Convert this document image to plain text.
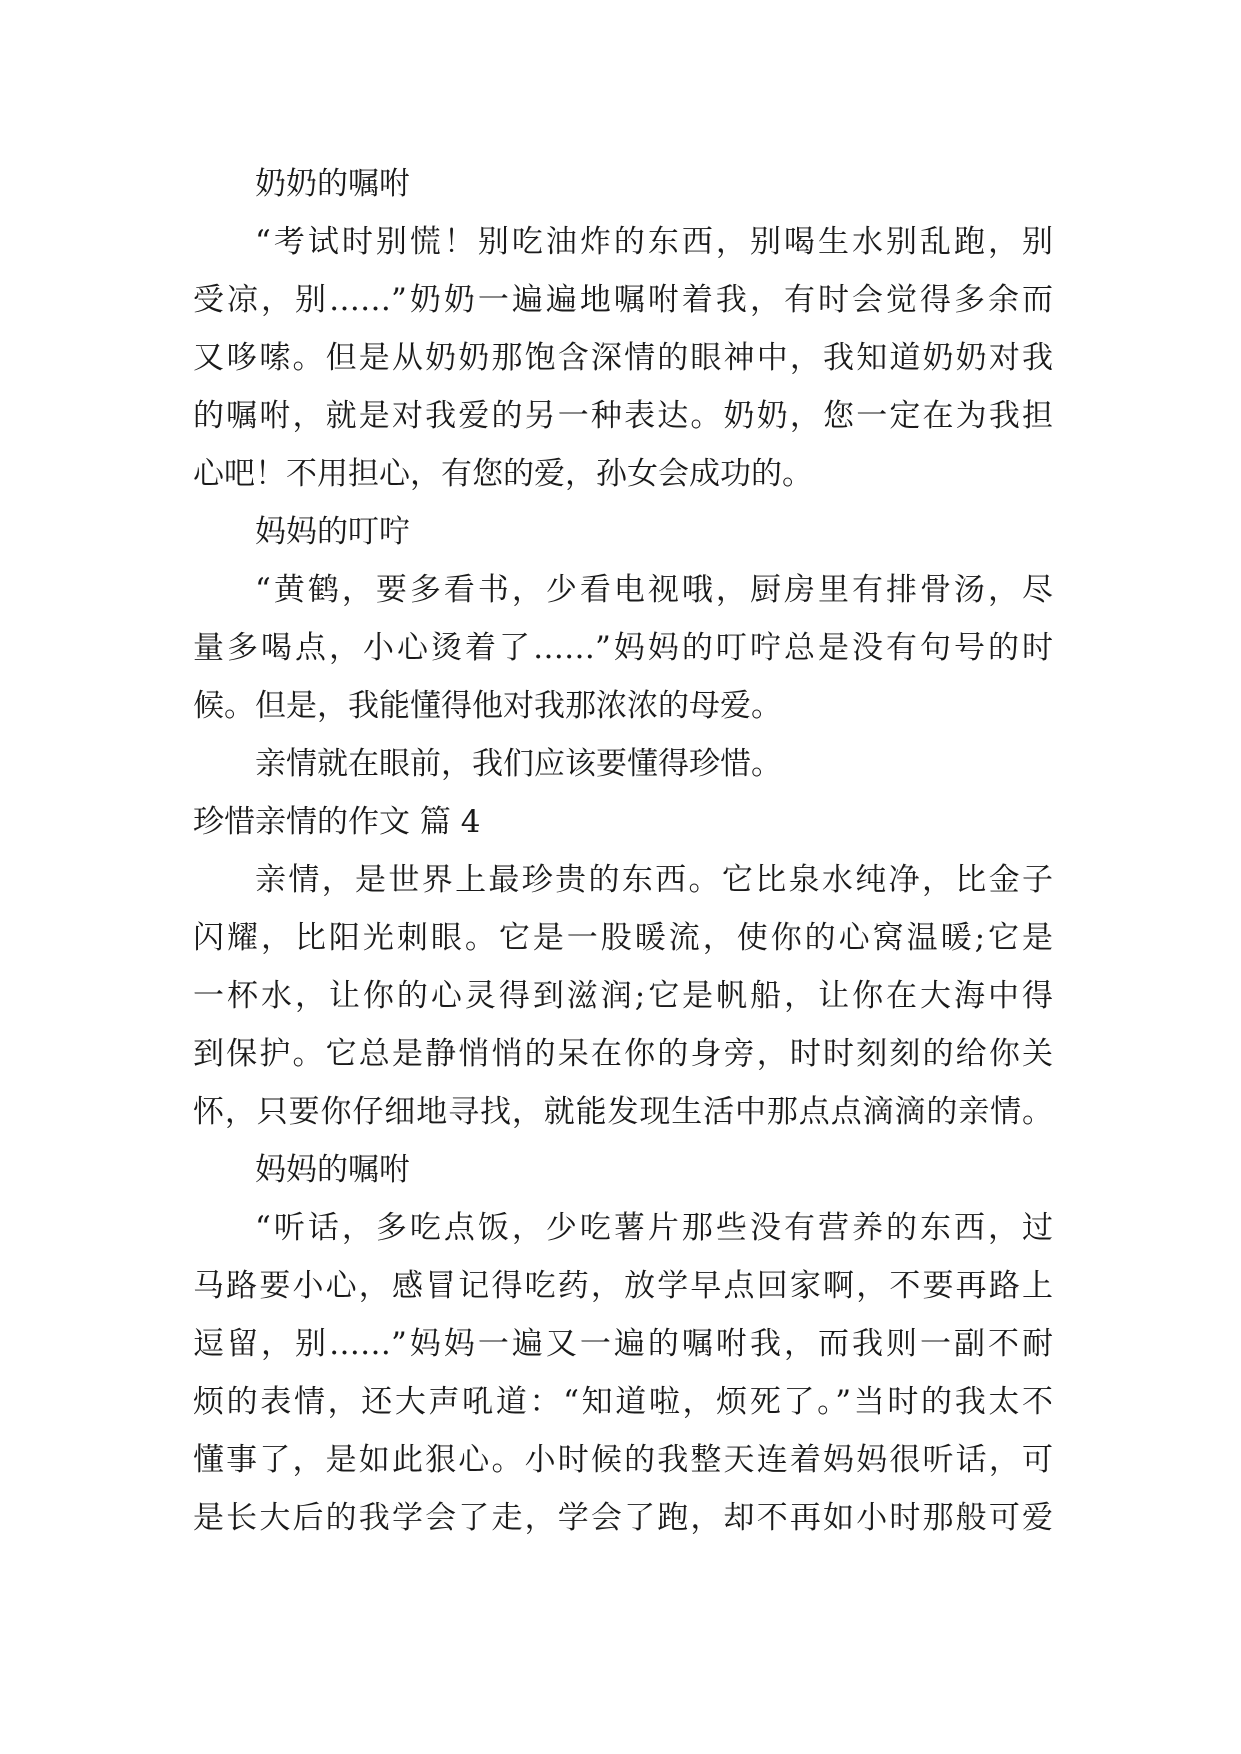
奶奶的嘱咐
“考试时别慌！别吃油炸的东西，别喝生水别乱跑，别
受凉，别……”奶奶一遍遍地嘱咐着我，有时会觉得多余而
又哆嗦。但是从奶奶那饱含深情的眼神中，我知道奶奶对我
的嘱咐，就是对我爱的另一种表达。奶奶，您一定在为我担
心吧！不用担心，有您的爱，孙女会成功的。
妈妈的叮咛
“黄鹤，要多看书，少看电视哦，厨房里有排骨汤，尽
量多喝点，小心烫着了……”妈妈的叮咛总是没有句号的时
候。但是，我能懂得他对我那浓浓的母爱。
亲情就在眼前，我们应该要懂得珍惜。
珍惜亲情的作文 篇 4
亲情，是世界上最珍贵的东西。它比泉水纯净，比金子
闪耀，比阳光刺眼。它是一股暖流，使你的心窝温暖;它是
一杯水，让你的心灵得到滋润;它是帆船，让你在大海中得
到保护。它总是静悄悄的呆在你的身旁，时时刻刻的给你关
怀，只要你仔细地寻找，就能发现生活中那点点滴滴的亲情。
妈妈的嘱咐
“听话，多吃点饭，少吃薯片那些没有营养的东西，过
马路要小心，感冒记得吃药，放学早点回家啊，不要再路上
逗留，别……”妈妈一遍又一遍的嘱咐我，而我则一副不耐
烦的表情，还大声吼道：“知道啦，烦死了。”当时的我太不
懂事了，是如此狠心。小时候的我整天连着妈妈很听话，可
是长大后的我学会了走，学会了跑，却不再如小时那般可爱
